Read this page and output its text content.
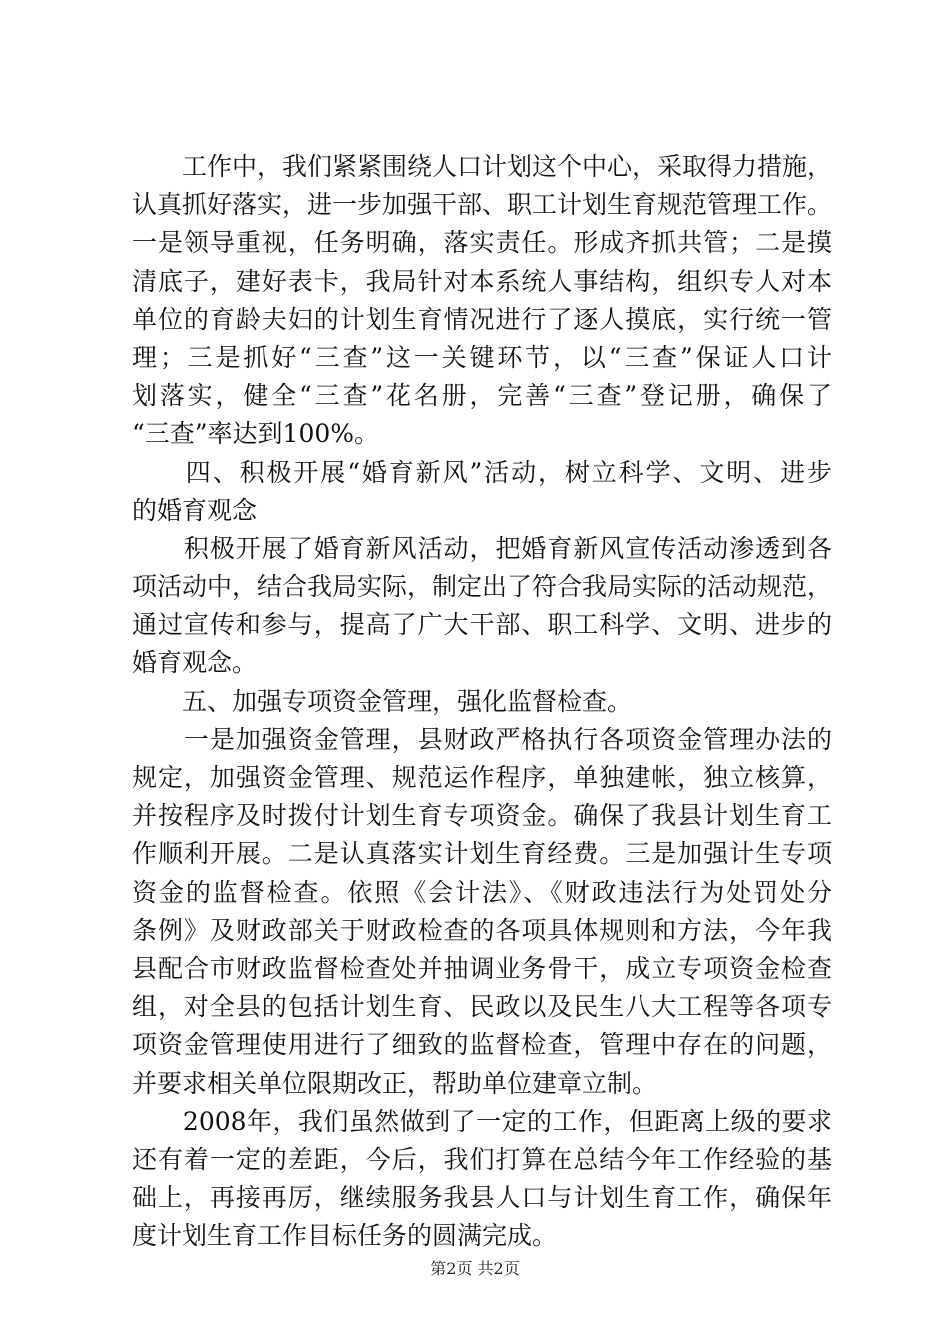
　　工作中，我们紧紧围绕人口计划这个中心，采取得力措施，
认真抓好落实，进一步加强干部、职工计划生育规范管理工作。
一是领导重视，任务明确，落实责任。形成齐抓共管；二是摸
清底子，建好表卡，我局针对本系统人事结构，组织专人对本
单位的育龄夫妇的计划生育情况进行了逐人摸底，实行统一管
理；三是抓好“三查”这一关键环节，以“三查”保证人口计
划落实，健全“三查”花名册，完善“三查”登记册，确保了
“三查”率达到100%。
　　四、积极开展“婚育新风”活动，树立科学、文明、进步
的婚育观念
　　积极开展了婚育新风活动，把婚育新风宣传活动渗透到各
项活动中，结合我局实际，制定出了符合我局实际的活动规范，
通过宣传和参与，提高了广大干部、职工科学、文明、进步的
婚育观念。
　　五、加强专项资金管理，强化监督检查。
　　一是加强资金管理，县财政严格执行各项资金管理办法的
规定，加强资金管理、规范运作程序，单独建帐，独立核算，
并按程序及时拨付计划生育专项资金。确保了我县计划生育工
作顺利开展。二是认真落实计划生育经费。三是加强计生专项
资金的监督检查。依照《会计法》、《财政违法行为处罚处分
条例》及财政部关于财政检查的各项具体规则和方法，今年我
县配合市财政监督检查处并抽调业务骨干，成立专项资金检查
组，对全县的包括计划生育、民政以及民生八大工程等各项专
项资金管理使用进行了细致的监督检查，管理中存在的问题，
并要求相关单位限期改正，帮助单位建章立制。
　　2008年，我们虽然做到了一定的工作，但距离上级的要求
还有着一定的差距，今后，我们打算在总结今年工作经验的基
础上，再接再厉，继续服务我县人口与计划生育工作，确保年
度计划生育工作目标任务的圆满完成。
第2页 共2页
